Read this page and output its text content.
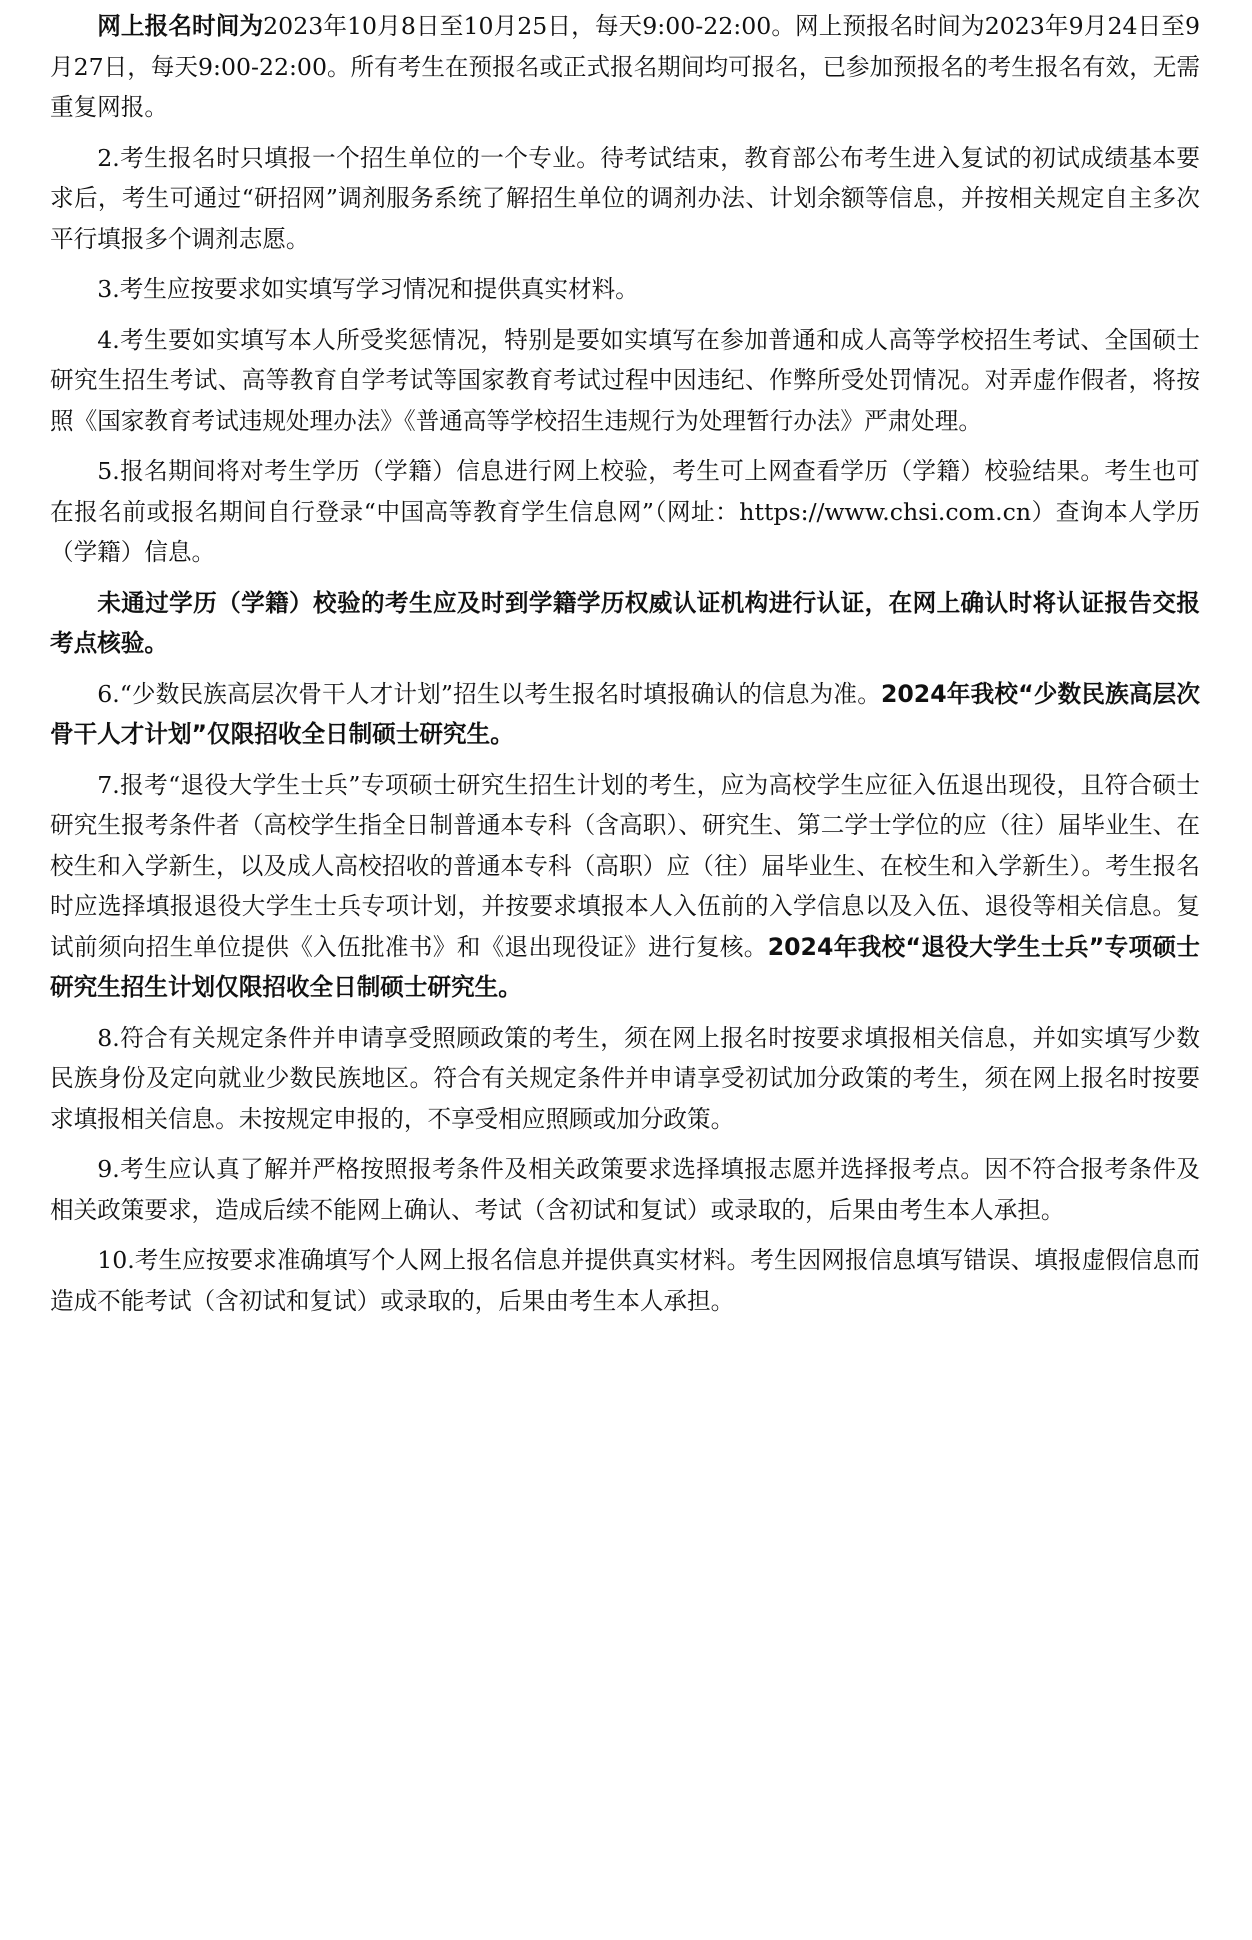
网上报名时间为2023年10月8日至10月25日，每天9:00-22:00。网上预报名时间为2023年9月24日至9月27日，每天9:00-22:00。所有考生在预报名或正式报名期间均可报名，已参加预报名的考生报名有效，无需重复网报。

2.考生报名时只填报一个招生单位的一个专业。待考试结束，教育部公布考生进入复试的初试成绩基本要求后，考生可通过“研招网”调剂服务系统了解招生单位的调剂办法、计划余额等信息，并按相关规定自主多次平行填报多个调剂志愿。

3.考生应按要求如实填写学习情况和提供真实材料。

4.考生要如实填写本人所受奖惩情况，特别是要如实填写在参加普通和成人高等学校招生考试、全国硕士研究生招生考试、高等教育自学考试等国家教育考试过程中因违纪、作弊所受处罚情况。对弄虚作假者，将按照《国家教育考试违规处理办法》《普通高等学校招生违规行为处理暂行办法》严肃处理。

5.报名期间将对考生学历（学籍）信息进行网上校验，考生可上网查看学历（学籍）校验结果。考生也可在报名前或报名期间自行登录“中国高等教育学生信息网”（网址：https://www.chsi.com.cn）查询本人学历（学籍）信息。

未通过学历（学籍）校验的考生应及时到学籍学历权威认证机构进行认证，在网上确认时将认证报告交报考点核验。

6.“少数民族高层次骨干人才计划”招生以考生报名时填报确认的信息为准。2024年我校“少数民族高层次骨干人才计划”仅限招收全日制硕士研究生。

7.报考“退役大学生士兵”专项硕士研究生招生计划的考生，应为高校学生应征入伍退出现役，且符合硕士研究生报考条件者（高校学生指全日制普通本专科（含高职）、研究生、第二学士学位的应（往）届毕业生、在校生和入学新生，以及成人高校招收的普通本专科（高职）应（往）届毕业生、在校生和入学新生）。考生报名时应选择填报退役大学生士兵专项计划，并按要求填报本人入伍前的入学信息以及入伍、退役等相关信息。复试前须向招生单位提供《入伍批准书》和《退出现役证》进行复核。2024年我校“退役大学生士兵”专项硕士研究生招生计划仅限招收全日制硕士研究生。

8.符合有关规定条件并申请享受照顾政策的考生，须在网上报名时按要求填报相关信息，并如实填写少数民族身份及定向就业少数民族地区。符合有关规定条件并申请享受初试加分政策的考生，须在网上报名时按要求填报相关信息。未按规定申报的，不享受相应照顾或加分政策。

9.考生应认真了解并严格按照报考条件及相关政策要求选择填报志愿并选择报考点。因不符合报考条件及相关政策要求，造成后续不能网上确认、考试（含初试和复试）或录取的，后果由考生本人承担。

10.考生应按要求准确填写个人网上报名信息并提供真实材料。考生因网报信息填写错误、填报虚假信息而造成不能考试（含初试和复试）或录取的，后果由考生本人承担。
